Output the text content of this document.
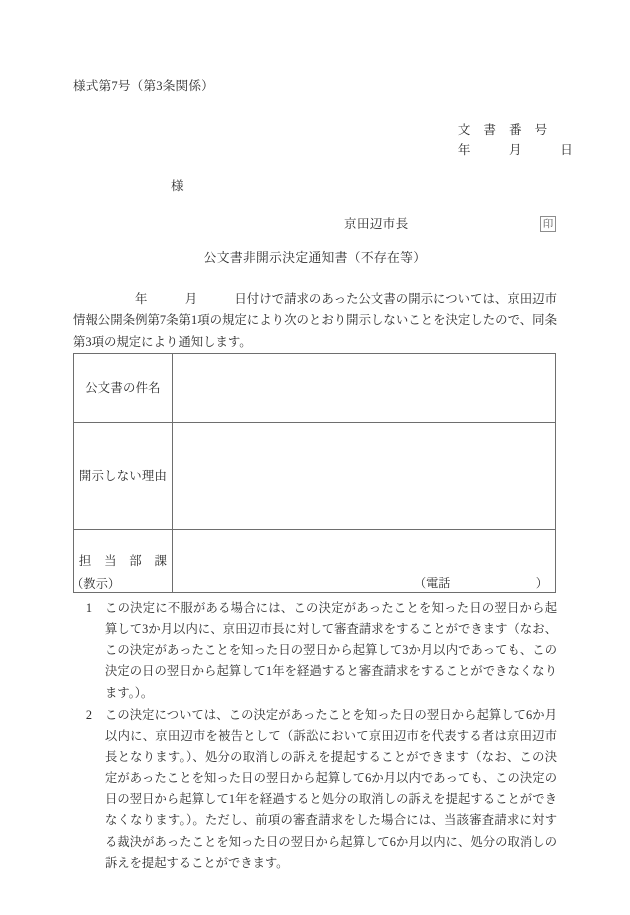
様式第7号（第3条関係）
文　書　番　号
年　　　月　　　日
様
京田辺市長	印
公文書非開示決定通知書（不存在等）
年　　　月　　　日付けで請求のあった公文書の開示については、京田辺市情報公開条例第7条第1項の規定により次のとおり開示しないことを決定したので、同条第3項の規定により通知します。
公文書の件名	
開示しない理由	
担　当　部　課	（電話　　　　　　　）
（教示）
1	この決定に不服がある場合には、この決定があったことを知った日の翌日から起算して3か月以内に、京田辺市長に対して審査請求をすることができます（なお、この決定があったことを知った日の翌日から起算して3か月以内であっても、この決定の日の翌日から起算して1年を経過すると審査請求をすることができなくなります。）。
2	この決定については、この決定があったことを知った日の翌日から起算して6か月以内に、京田辺市を被告として（訴訟において京田辺市を代表する者は京田辺市長となります。）、処分の取消しの訴えを提起することができます（なお、この決定があったことを知った日の翌日から起算して6か月以内であっても、この決定の日の翌日から起算して1年を経過すると処分の取消しの訴えを提起することができなくなります。）。ただし、前項の審査請求をした場合には、当該審査請求に対する裁決があったことを知った日の翌日から起算して6か月以内に、処分の取消しの訴えを提起することができます。
